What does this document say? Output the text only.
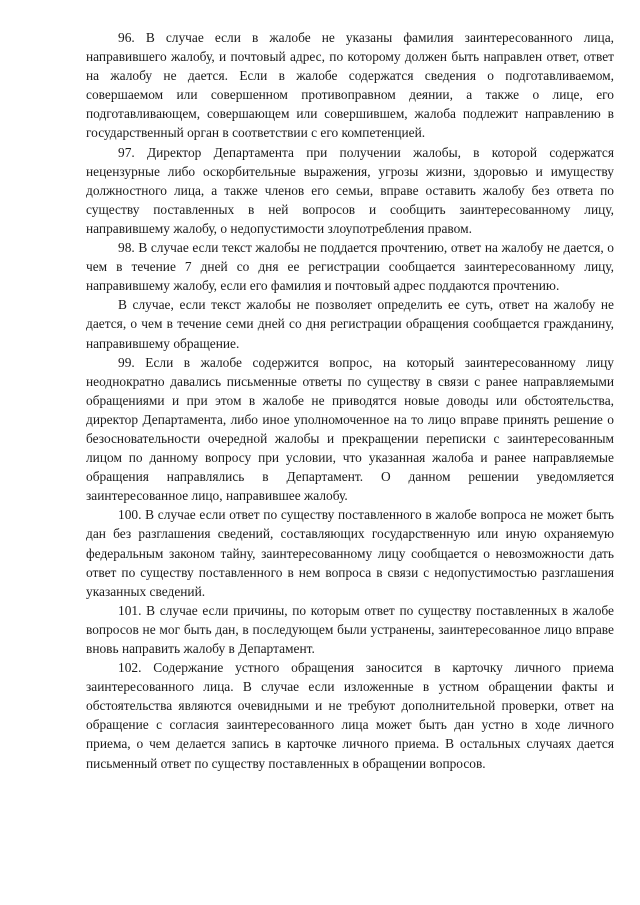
96. В случае если в жалобе не указаны фамилия заинтересованного лица, направившего жалобу, и почтовый адрес, по которому должен быть направлен ответ, ответ на жалобу не дается. Если в жалобе содержатся сведения о подготавливаемом, совершаемом или совершенном противоправном деянии, а также о лице, его подготавливающем, совершающем или совершившем, жалоба подлежит направлению в государственный орган в соответствии с его компетенцией.

97. Директор Департамента при получении жалобы, в которой содержатся нецензурные либо оскорбительные выражения, угрозы жизни, здоровью и имуществу должностного лица, а также членов его семьи, вправе оставить жалобу без ответа по существу поставленных в ней вопросов и сообщить заинтересованному лицу, направившему жалобу, о недопустимости злоупотребления правом.

98. В случае если текст жалобы не поддается прочтению, ответ на жалобу не дается, о чем в течение 7 дней со дня ее регистрации сообщается заинтересованному лицу, направившему жалобу, если его фамилия и почтовый адрес поддаются прочтению.

В случае, если текст жалобы не позволяет определить ее суть, ответ на жалобу не дается, о чем в течение семи дней со дня регистрации обращения сообщается гражданину, направившему обращение.

99. Если в жалобе содержится вопрос, на который заинтересованному лицу неоднократно давались письменные ответы по существу в связи с ранее направляемыми обращениями и при этом в жалобе не приводятся новые доводы или обстоятельства, директор Департамента, либо иное уполномоченное на то лицо вправе принять решение о безосновательности очередной жалобы и прекращении переписки с заинтересованным лицом по данному вопросу при условии, что указанная жалоба и ранее направляемые обращения направлялись в Департамент. О данном решении уведомляется заинтересованное лицо, направившее жалобу.

100. В случае если ответ по существу поставленного в жалобе вопроса не может быть дан без разглашения сведений, составляющих государственную или иную охраняемую федеральным законом тайну, заинтересованному лицу сообщается о невозможности дать ответ по существу поставленного в нем вопроса в связи с недопустимостью разглашения указанных сведений.

101. В случае если причины, по которым ответ по существу поставленных в жалобе вопросов не мог быть дан, в последующем были устранены, заинтересованное лицо вправе вновь направить жалобу в Департамент.

102. Содержание устного обращения заносится в карточку личного приема заинтересованного лица. В случае если изложенные в устном обращении факты и обстоятельства являются очевидными и не требуют дополнительной проверки, ответ на обращение с согласия заинтересованного лица может быть дан устно в ходе личного приема, о чем делается запись в карточке личного приема. В остальных случаях дается письменный ответ по существу поставленных в обращении вопросов.
